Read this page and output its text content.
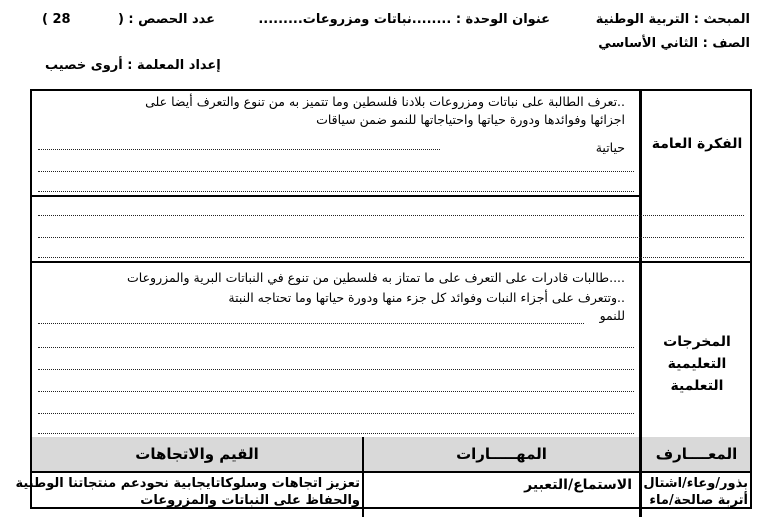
المبحث : التربية الوطنية
عنوان الوحدة : ........نباتات ومزروعات.........
عدد الحصص : (
( 28
الصف : الثاني الأساسي
إعداد المعلمة : أروى خصيب
الفكرة العامة
..تعرف الطالبة على نباتات ومزروعات بلادنا فلسطين وما تتميز به من تنوع والتعرف أيضا على
اجزائها وفوائدها ودورة حياتها واحتياجاتها للنمو ضمن سياقات
حياتية
المخرجات
التعليمية التعلمية
....طالبات قادرات على التعرف على ما تمتاز به فلسطين من تنوع في النباتات البرية والمزروعات
..وتتعرف على أجزاء النبات وفوائد كل جزء منها ودورة حياتها وما تحتاجه النبتة
للنمو
المعــــارف
المهـــــارات
القيم والاتجاهات
بذور/وعاء/اشتال
أتربة صالحة/ماء
الاستماع/التعبير
تعزيز اتجاهات وسلوكاتايجابية نحودعم منتجاتنا الوطنية
والحفاظ على النباتات والمزروعات
